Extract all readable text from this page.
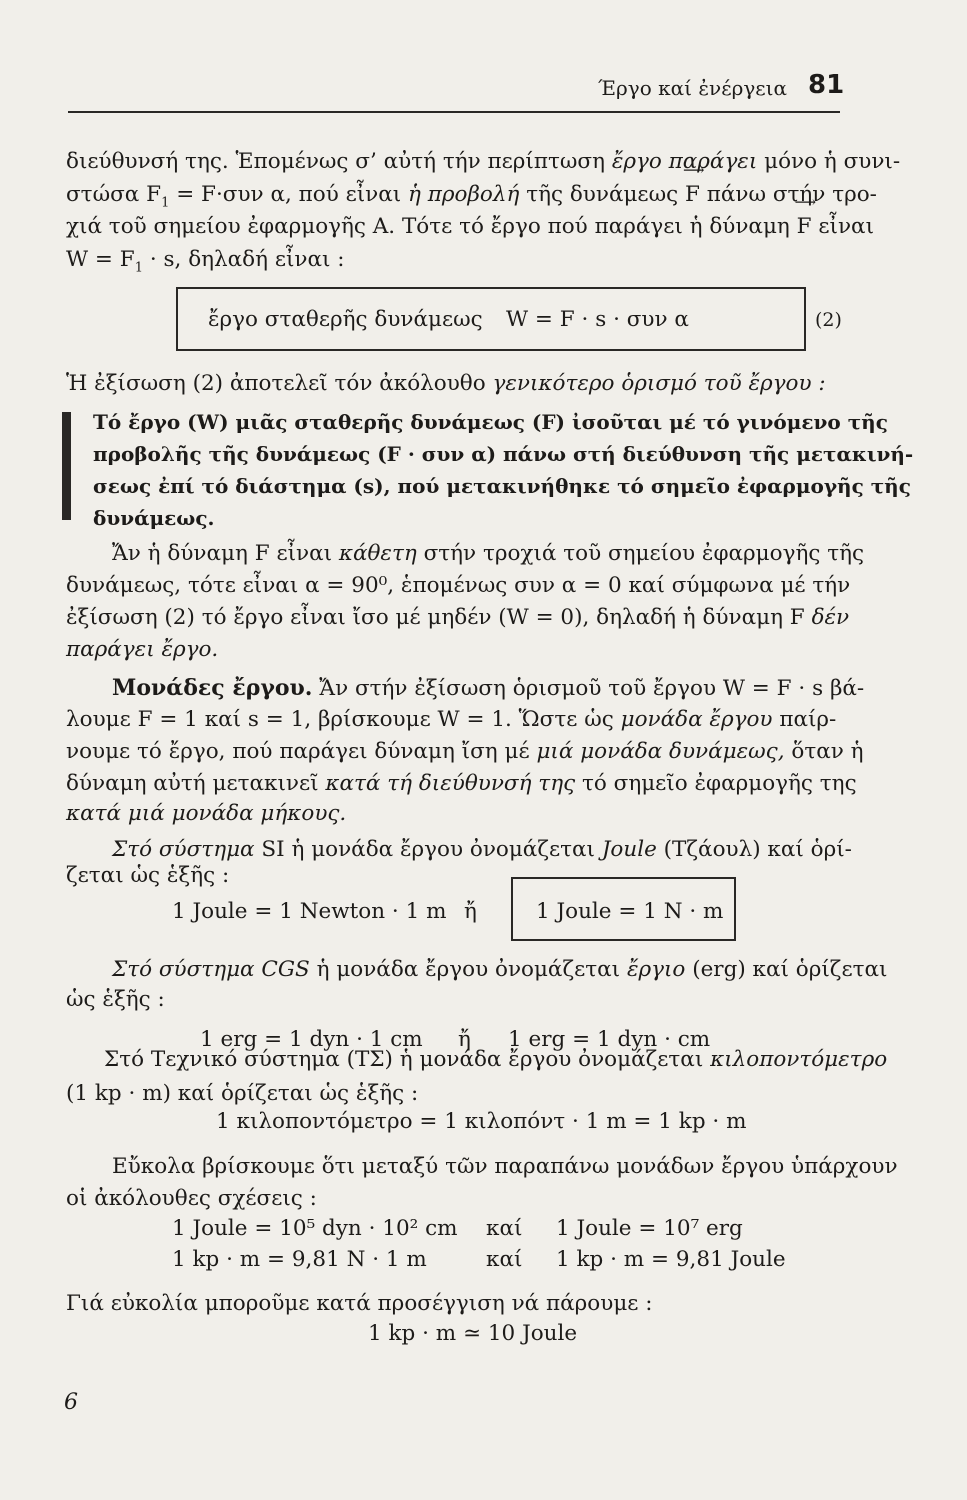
Έργο καί ἐνέργεια 81
διεύθυνσή της. Ἑπομένως σ’ αὐτή τήν περίπτωση ἔργο παράγει μόνο ἡ συνι-
στώσα $F_1 = F\cdot\sigma\upsilon\nu$ α, πού εἶναι ἡ προβολή τῆς δυνάμεως ⟶ F πάνω στήν τρο-
χιά τοῦ σημείου ἐφαρμογῆς Α. Τότε τό ἔργο πού παράγει ἡ δύναμη ⟶ F εἶναι
$W = F_1 \cdot s$, δηλαδή εἶναι :
ἔργο σταθερῆς δυνάμεως W = F · s · συν α	(2)
Ἡ ἐξίσωση (2) ἀποτελεῖ τόν ἀκόλουθο γενικότερο ὁρισμό τοῦ ἔργου :
Τό ἔργο (W) μιᾶς σταθερῆς δυνάμεως (F) ἰσοῦται μέ τό γινόμενο τῆς
προβολῆς τῆς δυνάμεως (F · συν α) πάνω στή διεύθυνση τῆς μετακινή-
σεως ἐπί τό διάστημα (s), πού μετακινήθηκε τό σημεῖο ἐφαρμογῆς τῆς
δυνάμεως.
Ἄν ἡ δύναμη F εἶναι κάθετη στήν τροχιά τοῦ σημείου ἐφαρμογῆς τῆς
δυνάμεως, τότε εἶναι α = 90⁰, ἑπομένως συν α = 0 καί σύμφωνα μέ τήν
ἐξίσωση (2) τό ἔργο εἶναι ἴσο μέ μηδέν (W = 0), δηλαδή ἡ δύναμη F δέν
παράγει ἔργο.
Μονάδες ἔργου. Ἄν στήν ἐξίσωση ὁρισμοῦ τοῦ ἔργου W = F · s βά-
λουμε F = 1 καί s = 1, βρίσκουμε W = 1. Ὥστε ὡς μονάδα ἔργου παίρ-
νουμε τό ἔργο, πού παράγει δύναμη ἴση μέ μιά μονάδα δυνάμεως, ὅταν ἡ
δύναμη αὐτή μετακινεῖ κατά τή διεύθυνσή της τό σημεῖο ἐφαρμογῆς της
κατά μιά μονάδα μήκους.
Στό σύστημα SI ἡ μονάδα ἔργου ὀνομάζεται Joule (Τζάουλ) καί ὁρί-
ζεται ὡς ἑξῆς :
1 Joule = 1 Newton · 1 m ἤ	1 Joule = 1 N · m
Στό σύστημα CGS ἡ μονάδα ἔργου ὀνομάζεται ἔργιο (erg) καί ὁρίζεται
ὡς ἑξῆς :
1 erg = 1 dyn · 1 cm ἤ 1 erg = 1 dyn · cm
Στό Τεχνικό σύστημα (ΤΣ) ἡ μονάδα ἔργου ὀνομάζεται κιλοποντόμετρο
(1 kp · m) καί ὁρίζεται ὡς ἑξῆς :
1 κιλοποντόμετρο = 1 κιλοπόντ · 1 m = 1 kp · m
Εὔκολα βρίσκουμε ὅτι μεταξύ τῶν παραπάνω μονάδων ἔργου ὑπάρχουν
οἱ ἀκόλουθες σχέσεις :
1 Joule = 10⁵ dyn · 10² cm καί 1 Joule = 10⁷ erg
1 kp · m = 9,81 N · 1 m	καί 1 kp · m = 9,81 Joule
Γιά εὐκολία μποροῦμε κατά προσέγγιση νά πάρουμε :
1 kp · m ≃ 10 Joule
6
